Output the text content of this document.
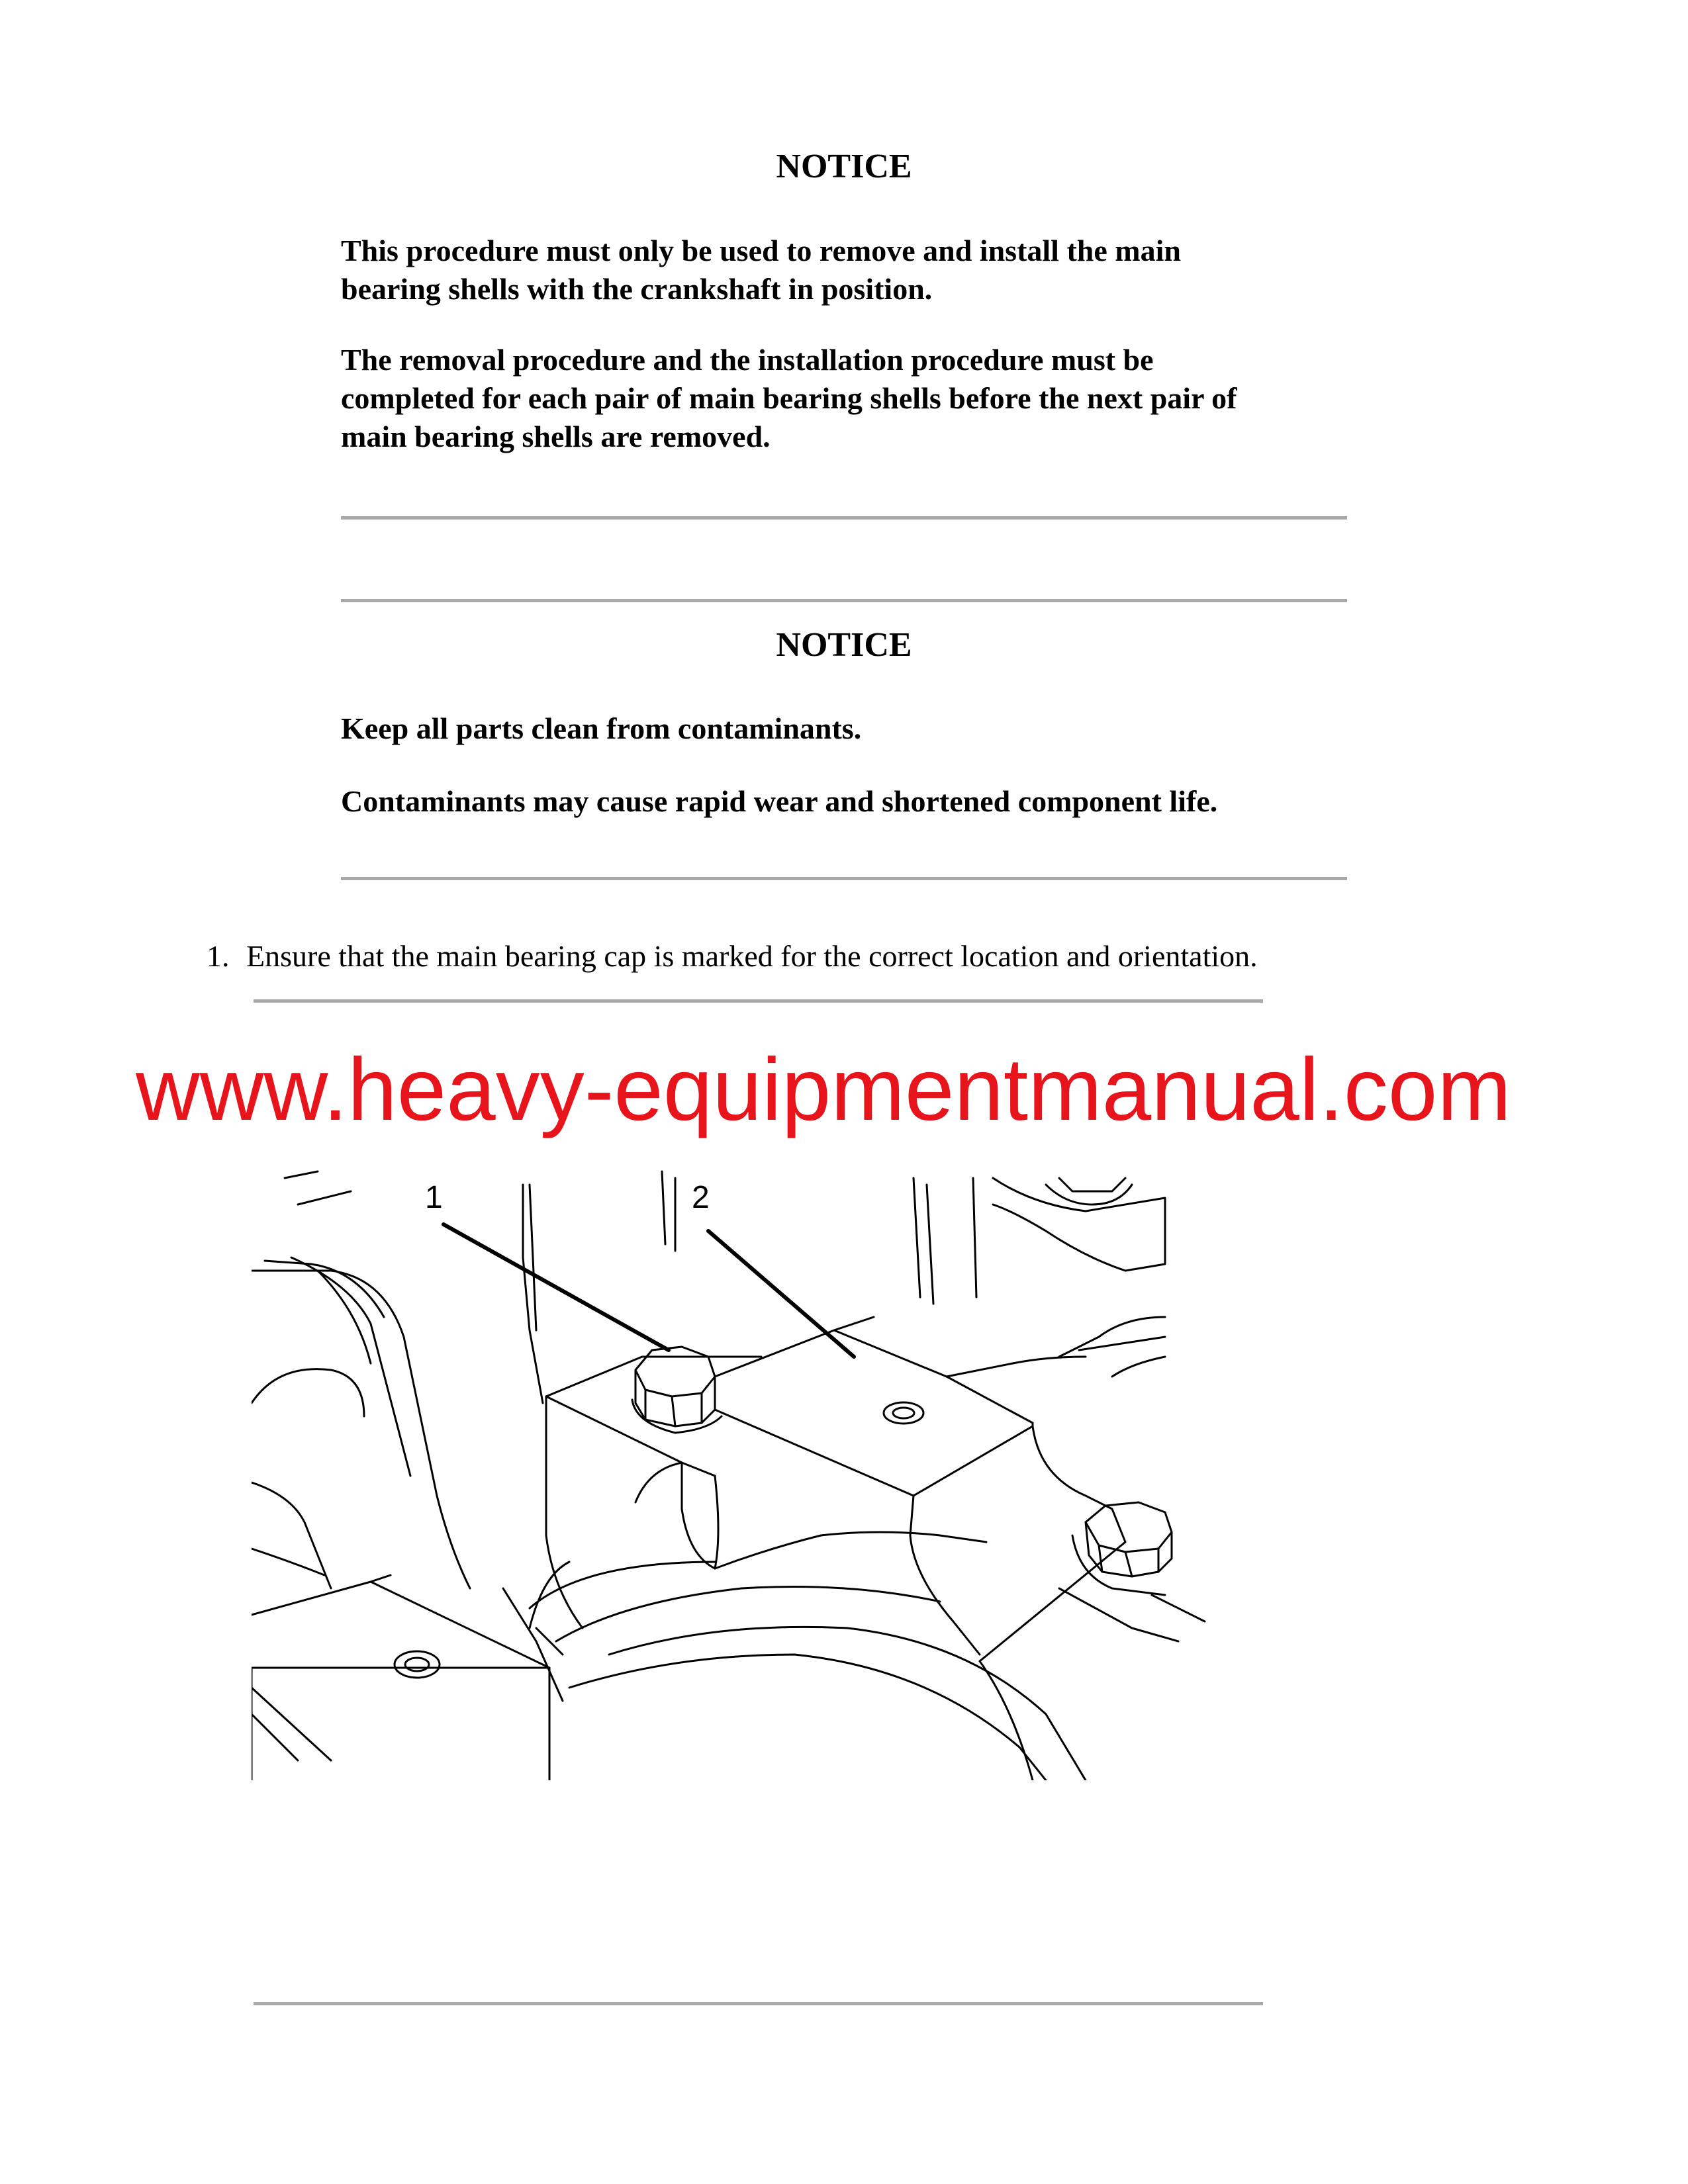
NOTICE

This procedure must only be used to remove and install the main
bearing shells with the crankshaft in position.

The removal procedure and the installation procedure must be
completed for each pair of main bearing shells before the next pair of
main bearing shells are removed.

NOTICE

Keep all parts clean from contaminants.

Contaminants may cause rapid wear and shortened component life.

1. Ensure that the main bearing cap is marked for the correct location and orientation.
www.heavy-equipmentmanual.com
1	2
